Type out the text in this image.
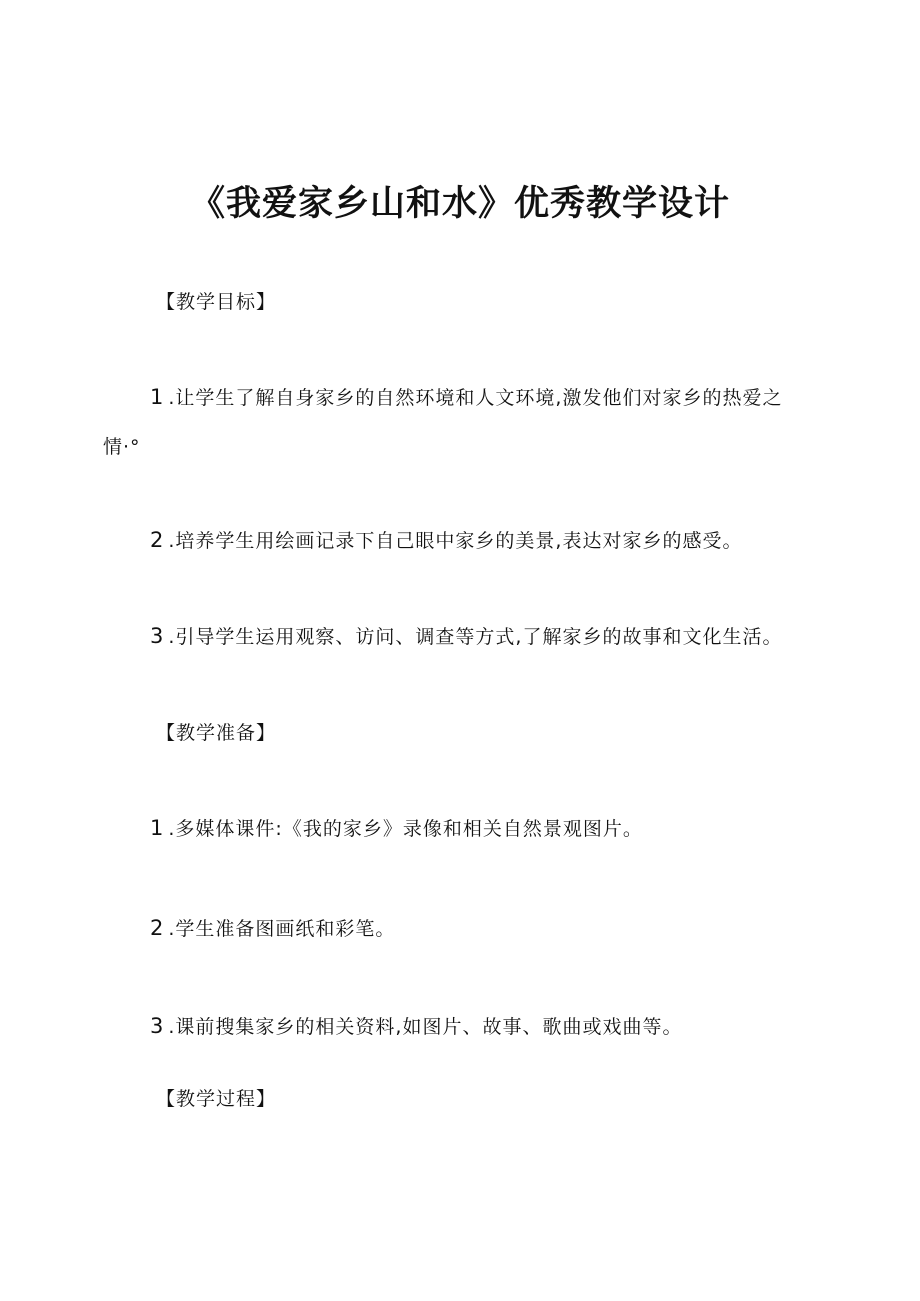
《我爱家乡山和水》优秀教学设计
【教学目标】
1 .让学生了解自身家乡的自然环境和人文环境,激发他们对家乡的热爱之
情·°
2 .培养学生用绘画记录下自己眼中家乡的美景,表达对家乡的感受。
3 .引导学生运用观察、访问、调查等方式,了解家乡的故事和文化生活。
【教学准备】
1 .多媒体课件:《我的家乡》录像和相关自然景观图片。
2 .学生准备图画纸和彩笔。
3 .课前搜集家乡的相关资料,如图片、故事、歌曲或戏曲等。
【教学过程】
